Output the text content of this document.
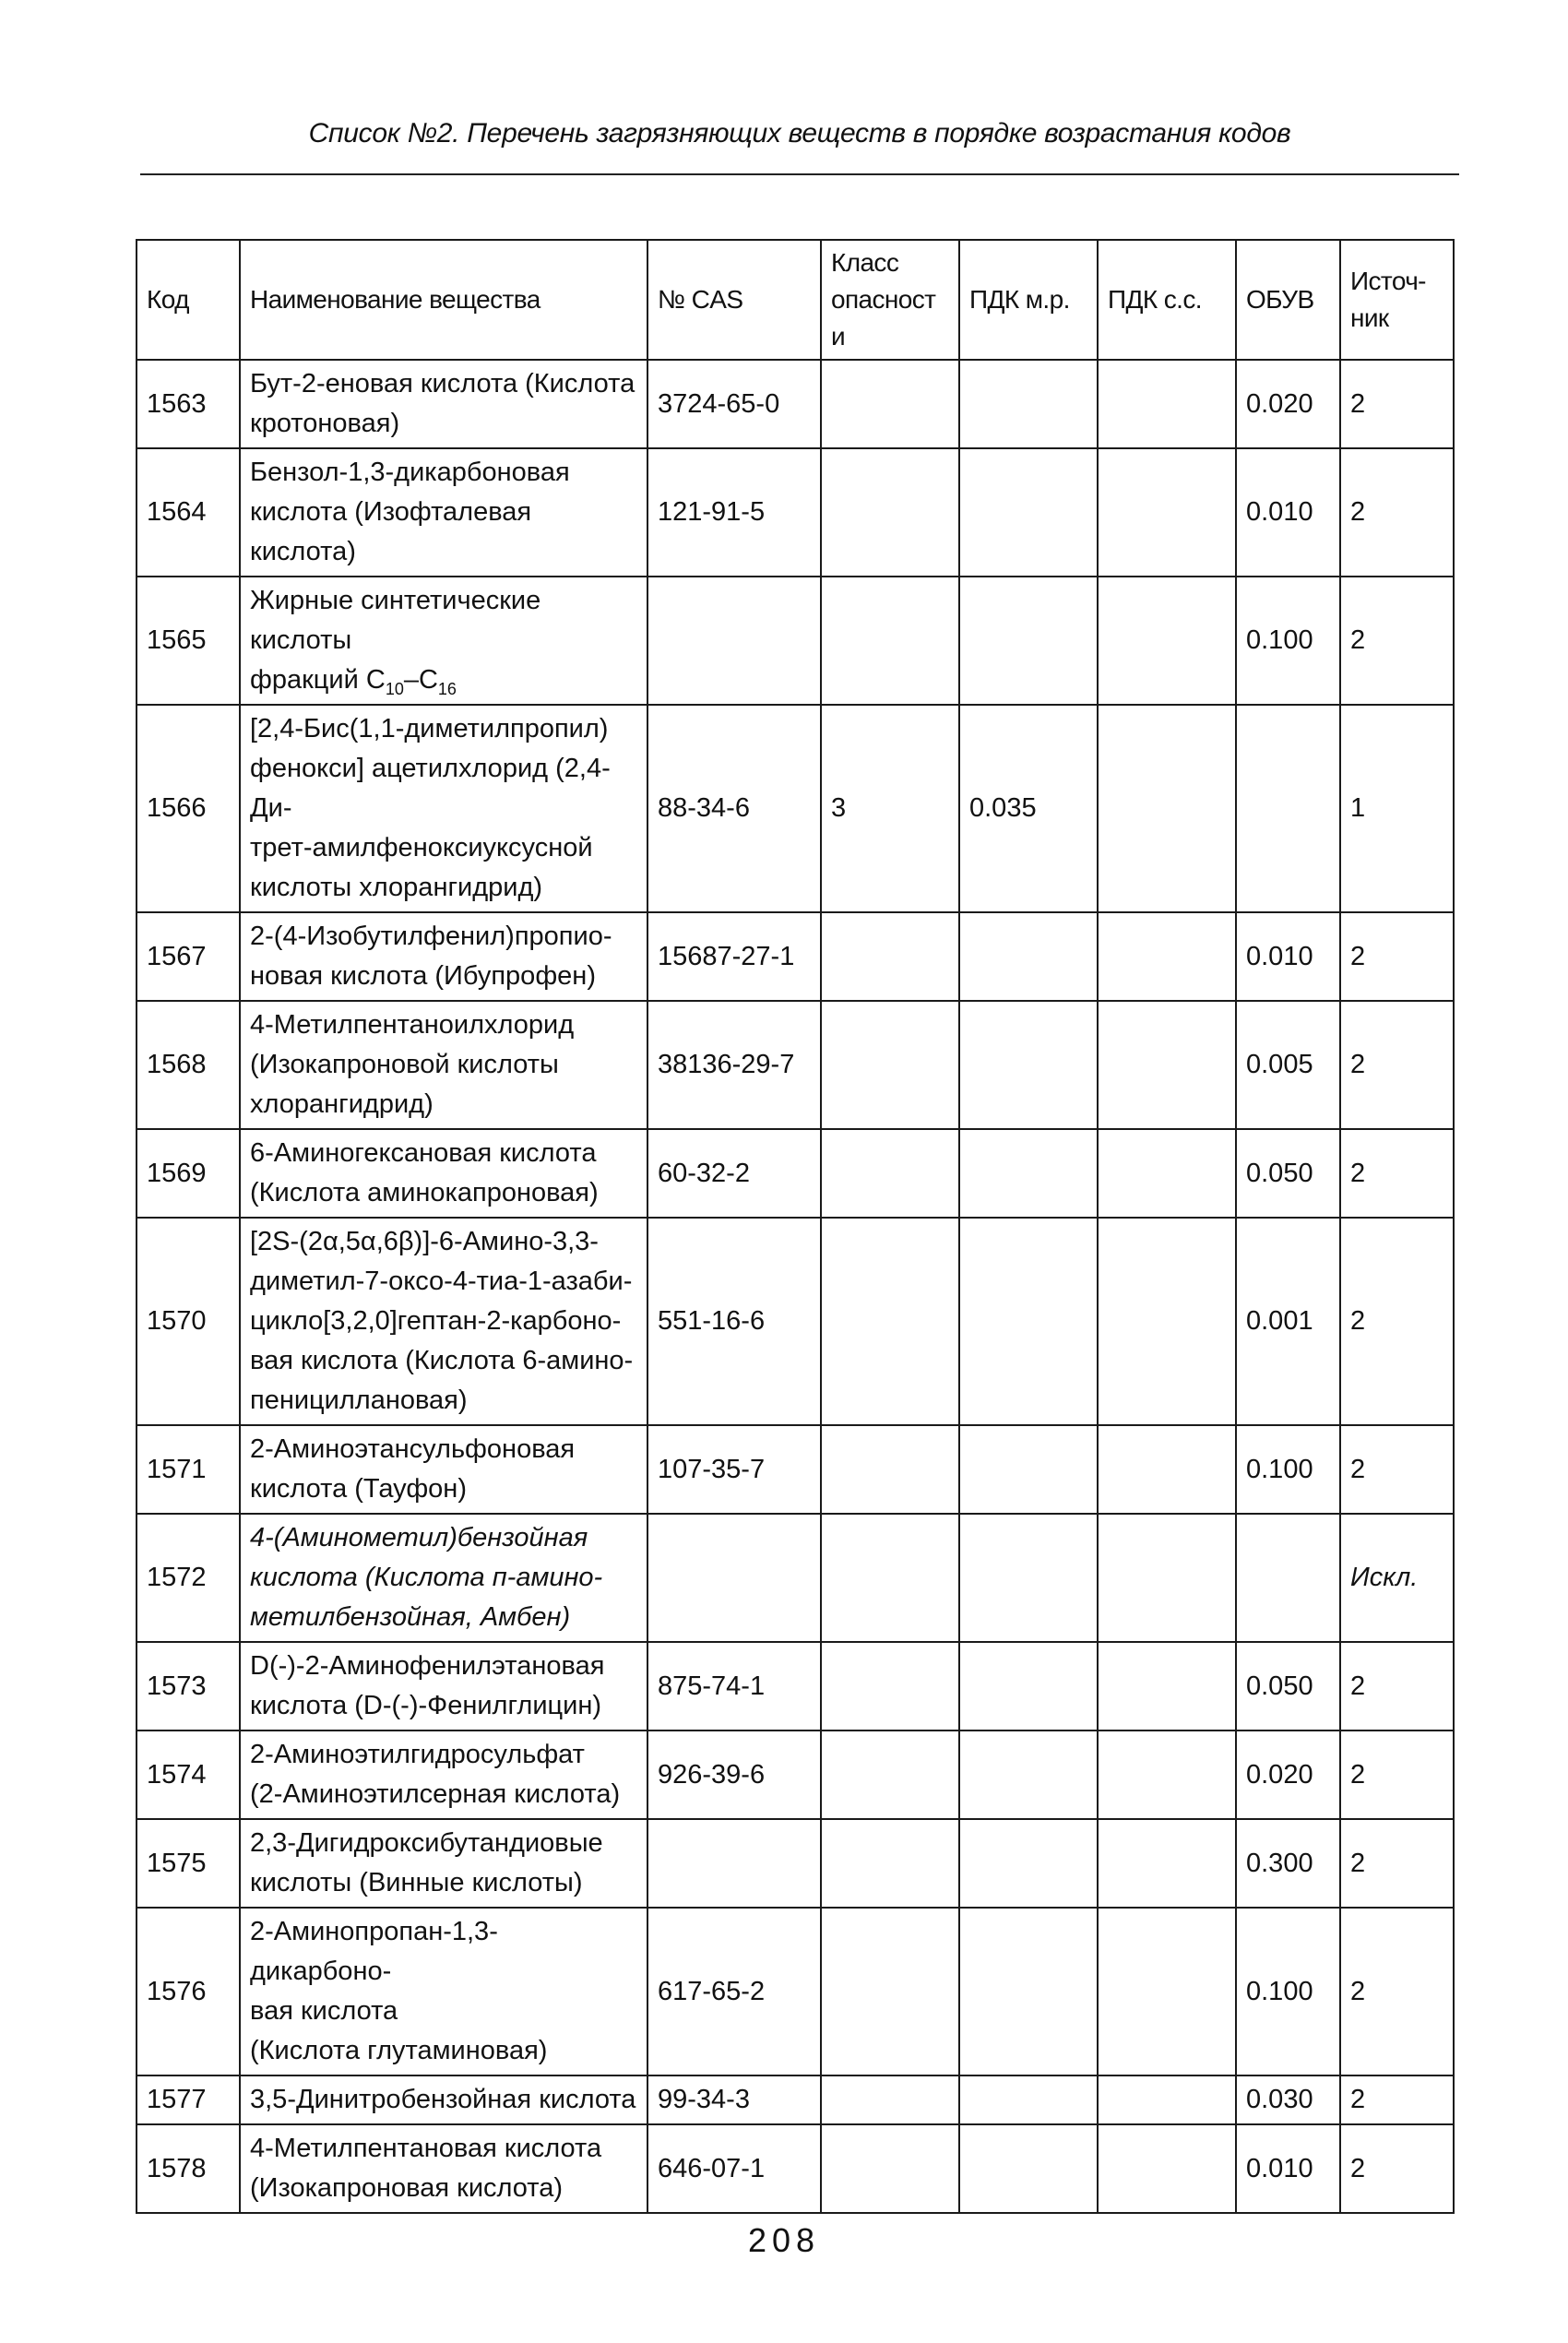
Список №2. Перечень загрязняющих веществ в порядке возрастания кодов
Код	Наименование вещества	№ CAS	Класс опасности	ПДК м.р.	ПДК с.с.	ОБУВ	Источ-ник
1563	Бут-2-еновая кислота (Кислота
кротоновая)	3724-65-0				0.020	2
1564	Бензол-1,3-дикарбоновая
кислота (Изофталевая кислота)	121-91-5				0.010	2
1565	Жирные синтетические кислоты
фракций $С_{10}-С_{16}$					0.100	2
1566	[2,4-Бис(1,1-диметилпропил)
фенокси] ацетилхлорид (2,4-Ди-
трет-амилфеноксиуксусной
кислоты хлорангидрид)	88-34-6	3	0.035			1
1567	2-(4-Изобутилфенил)пропио-
новая кислота (Ибупрофен)	15687-27-1				0.010	2
1568	4-Метилпентаноилхлорид
(Изокапроновой кислоты
хлорангидрид)	38136-29-7				0.005	2
1569	6-Аминогексановая кислота
(Кислота аминокапроновая)	60-32-2				0.050	2
1570	[2S-(2α,5α,6β)]-6-Амино-3,3-
диметил-7-оксо-4-тиа-1-азаби-
цикло[3,2,0]гептан-2-карбоно-
вая кислота (Кислота 6-амино-
пенициллановая)	551-16-6				0.001	2
1571	2-Аминоэтансульфоновая
кислота (Тауфон)	107-35-7				0.100	2
1572	4-(Аминометил)бензойная
кислота (Кислота п-амино-
метилбензойная, Амбен)						Искл.
1573	D(-)-2-Аминофенилэтановая
кислота (D-(-)-Фенилглицин)	875-74-1				0.050	2
1574	2-Аминоэтилгидросульфат
(2-Аминоэтилсерная кислота)	926-39-6				0.020	2
1575	2,3-Дигидроксибутандиовые
кислоты (Винные кислоты)					0.300	2
1576	2-Аминопропан-1,3-дикарбоно-
вая кислота
(Кислота глутаминовая)	617-65-2				0.100	2
1577	3,5-Динитробензойная кислота	99-34-3				0.030	2
1578	4-Метилпентановая кислота
(Изокапроновая кислота)	646-07-1				0.010	2
208
